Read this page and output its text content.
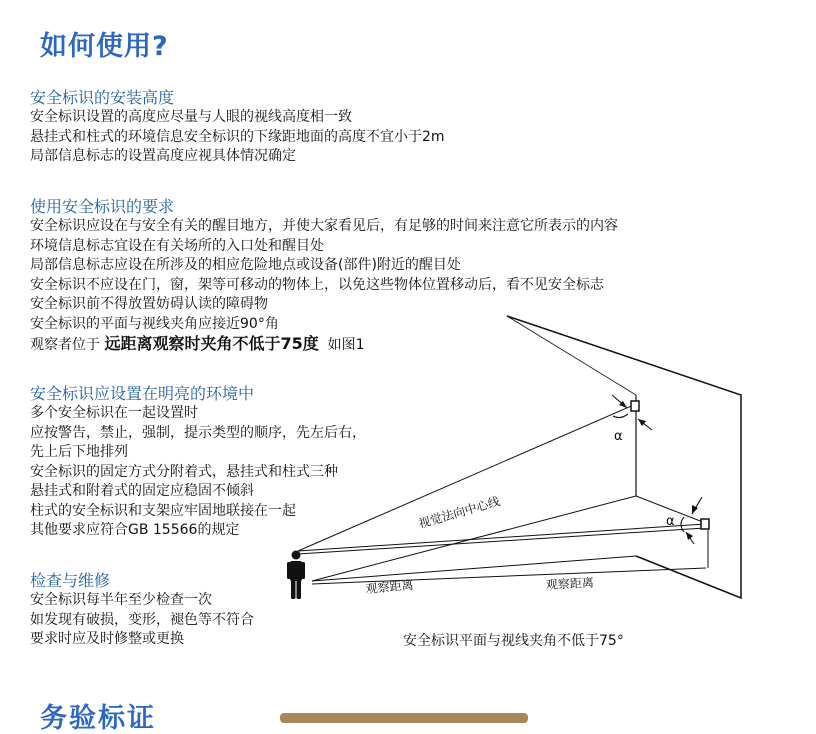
如何使用?
安全标识的安装高度
安全标识设置的高度应尽量与人眼的视线高度相一致
悬挂式和柱式的环境信息安全标识的下缘距地面的高度不宜小于2m
局部信息标志的设置高度应视具体情况确定
使用安全标识的要求
安全标识应设在与安全有关的醒目地方，并使大家看见后，有足够的时间来注意它所表示的内容
环境信息标志宜设在有关场所的入口处和醒目处
局部信息标志应设在所涉及的相应危险地点或设备(部件)附近的醒目处
安全标识不应设在门，窗，架等可移动的物体上，以免这些物体位置移动后，看不见安全标志
安全标识前不得放置妨碍认读的障碍物
安全标识的平面与视线夹角应接近90°角
观察者位于 远距离观察时夹角不低于75度  如图1
安全标识应设置在明亮的环境中
多个安全标识在一起设置时
应按警告，禁止，强制，提示类型的顺序，先左后右，
先上后下地排列
安全标识的固定方式分附着式，悬挂式和柱式三种
悬挂式和附着式的固定应稳固不倾斜
柱式的安全标识和支架应牢固地联接在一起
其他要求应符合GB 15566的规定
检查与维修
安全标识每半年至少检查一次
如发现有破损，变形，褪色等不符合
要求时应及时修整或更换
α
α
视觉法向中心线
观察距离	观察距离
安全标识平面与视线夹角不低于75°
务验标证
